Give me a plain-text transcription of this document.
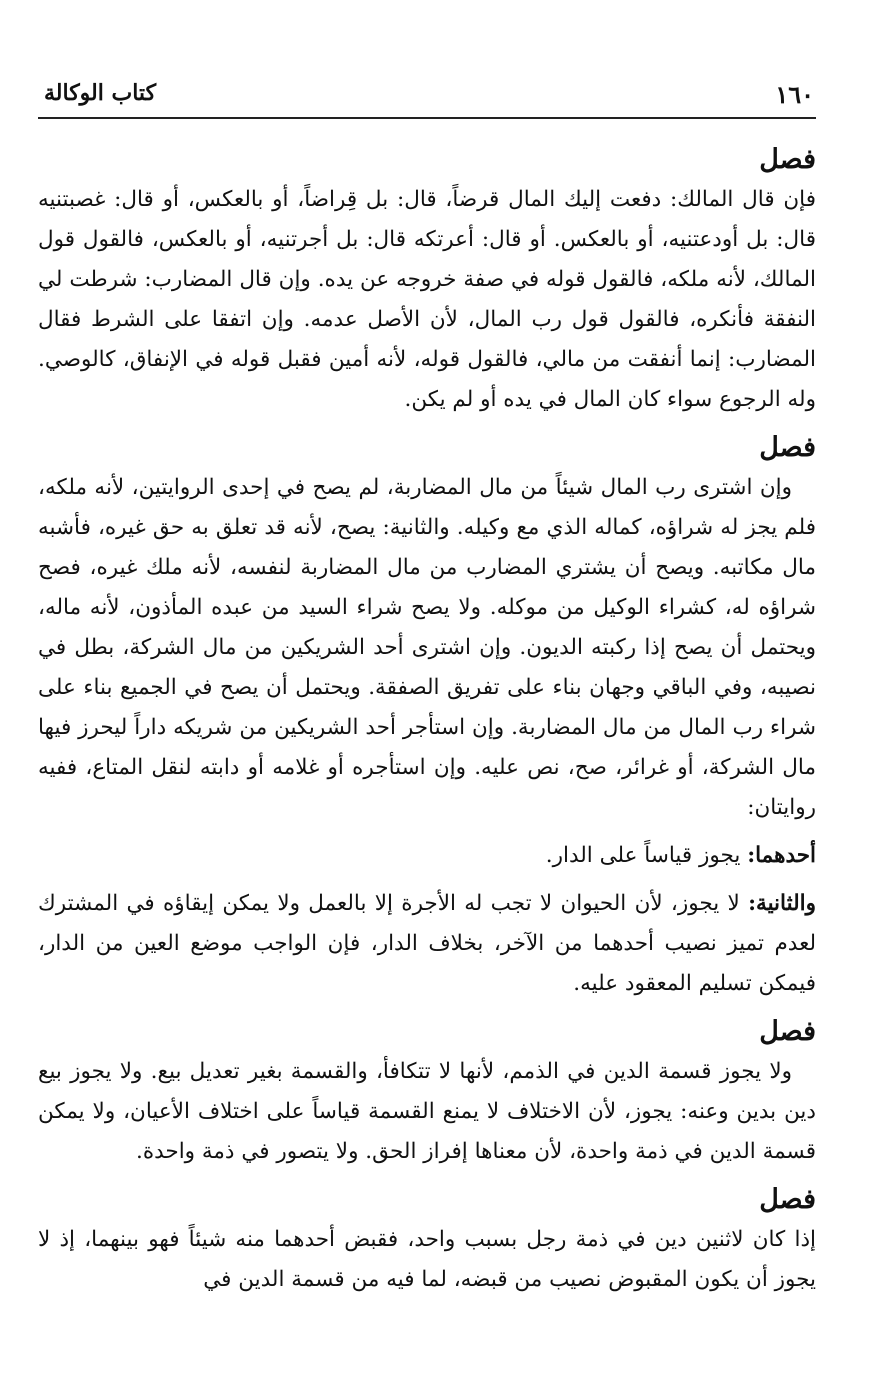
١٦٠
كتاب الوكالة
فصل

فإن قال المالك: دفعت إليك المال قرضاً، قال: بل قِراضاً، أو بالعكس، أو قال: غصبتنيه قال: بل أودعتنيه، أو بالعكس. أو قال: أعرتكه قال: بل أجرتنيه، أو بالعكس، فالقول قول المالك، لأنه ملكه، فالقول قوله في صفة خروجه عن يده. وإن قال المضارب: شرطت لي النفقة فأنكره، فالقول قول رب المال، لأن الأصل عدمه. وإن اتفقا على الشرط فقال المضارب: إنما أنفقت من مالي، فالقول قوله، لأنه أمين فقبل قوله في الإنفاق، كالوصي. وله الرجوع سواء كان المال في يده أو لم يكن.

فصل

وإن اشترى رب المال شيئاً من مال المضاربة، لم يصح في إحدى الروايتين، لأنه ملكه، فلم يجز له شراؤه، كماله الذي مع وكيله. والثانية: يصح، لأنه قد تعلق به حق غيره، فأشبه مال مكاتبه. ويصح أن يشتري المضارب من مال المضاربة لنفسه، لأنه ملك غيره، فصح شراؤه له، كشراء الوكيل من موكله. ولا يصح شراء السيد من عبده المأذون، لأنه ماله، ويحتمل أن يصح إذا ركبته الديون. وإن اشترى أحد الشريكين من مال الشركة، بطل في نصيبه، وفي الباقي وجهان بناء على تفريق الصفقة. ويحتمل أن يصح في الجميع بناء على شراء رب المال من مال المضاربة. وإن استأجر أحد الشريكين من شريكه داراً ليحرز فيها مال الشركة، أو غرائر، صح، نص عليه. وإن استأجره أو غلامه أو دابته لنقل المتاع، ففيه روايتان:

أحدهما: يجوز قياساً على الدار.

والثانية: لا يجوز، لأن الحيوان لا تجب له الأجرة إلا بالعمل ولا يمكن إيقاؤه في المشترك لعدم تميز نصيب أحدهما من الآخر، بخلاف الدار، فإن الواجب موضع العين من الدار، فيمكن تسليم المعقود عليه.

فصل

ولا يجوز قسمة الدين في الذمم، لأنها لا تتكافأ، والقسمة بغير تعديل بيع. ولا يجوز بيع دين بدين وعنه: يجوز، لأن الاختلاف لا يمنع القسمة قياساً على اختلاف الأعيان، ولا يمكن قسمة الدين في ذمة واحدة، لأن معناها إفراز الحق. ولا يتصور في ذمة واحدة.

فصل

إذا كان لاثنين دين في ذمة رجل بسبب واحد، فقبض أحدهما منه شيئاً فهو بينهما، إذ لا يجوز أن يكون المقبوض نصيب من قبضه، لما فيه من قسمة الدين في
